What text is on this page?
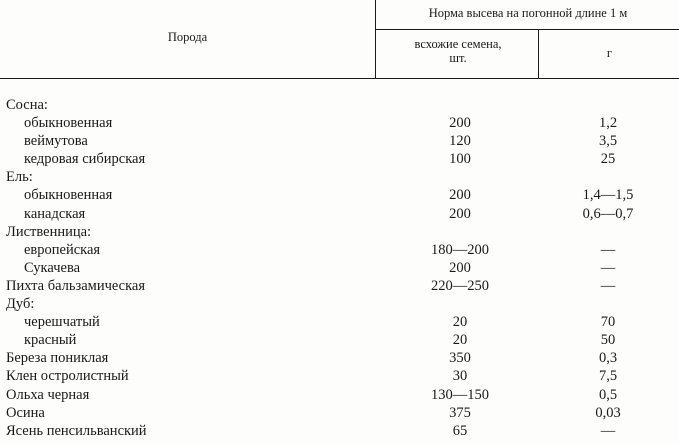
Порода
Норма высева на погонной длине 1 м
всхожие семена,
шт.	г
Сосна:
обыкновенная	200	1,2
веймутова	120	3,5
кедровая сибирская	100	25
Ель:
обыкновенная	200	1,4—1,5
канадская	200	0,6—0,7
Лиственница:
европейская	180—200	—
Сукачева	200	—
Пихта бальзамическая	220—250	—
Дуб:
черешчатый	20	70
красный	20	50
Береза пониклая	350	0,3
Клен остролистный	30	7,5
Ольха черная	130—150	0,5
Осина	375	0,03
Ясень пенсильванский	65	—
